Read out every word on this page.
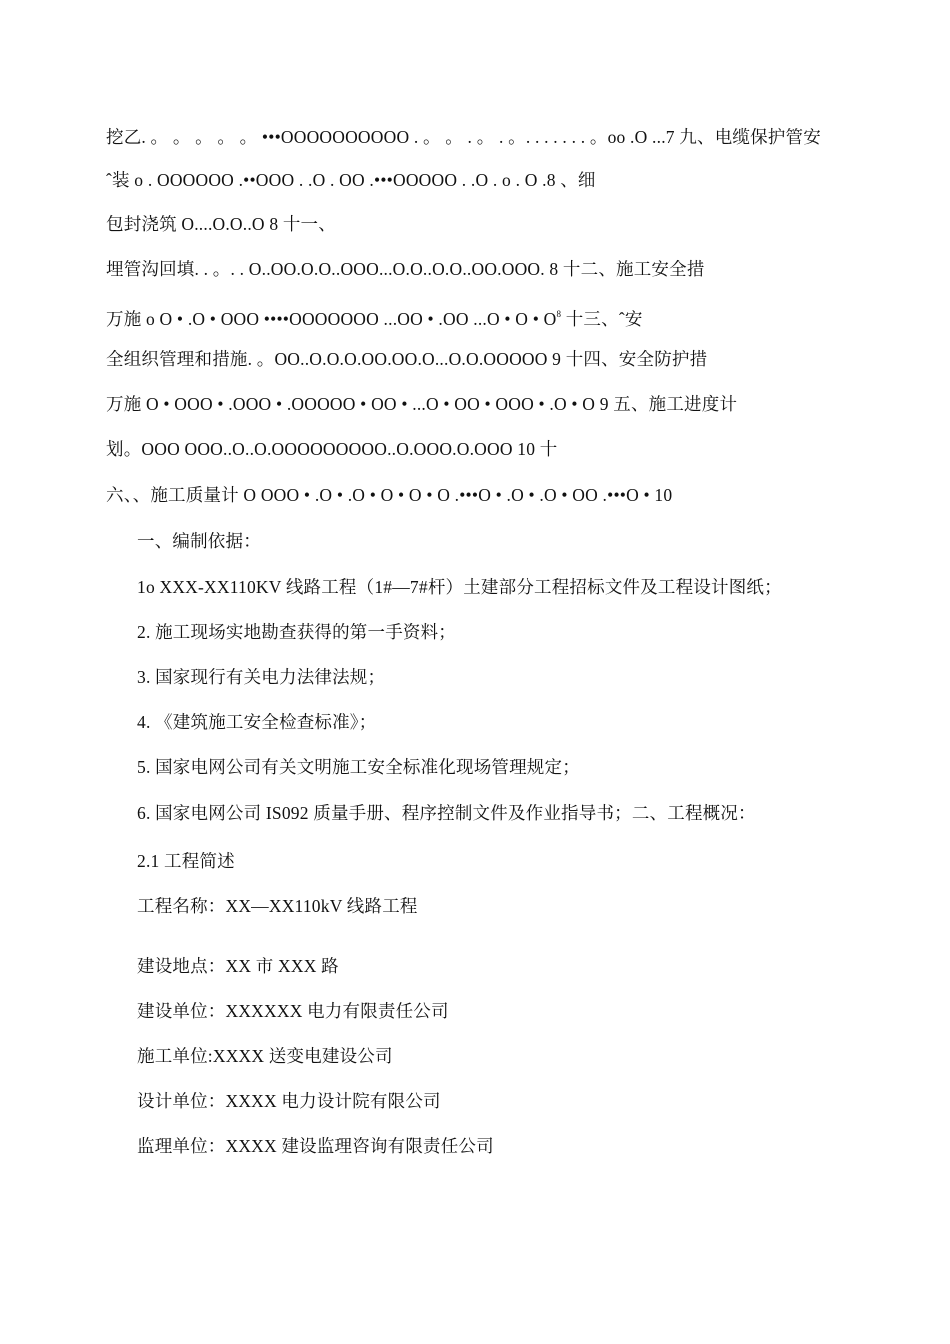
挖乙. 。 。 。 。 。 •••OOOOOOOOOO . 。 。 . 。 . 。. . . . . . . 。oo .O ...7 九、电缆保护管安
ˆ装 o . OOOOOO .••OOO . .O . OO .•••OOOOO . .O . o . O .8 、细
包封浇筑 O....O.O..O 8 十一、
埋管沟回填. . 。. . O..OO.O.O..OOO...O.O..O.O..OO.OOO. 8 十二、施工安全措
万施 o O • .O • OOO ••••OOOOOOO ...OO • .OO ...O • O • $O^8$ 十三、ˆ安
全组织管理和措施. 。OO..O.O.O.OO.OO.O...O.O.OOOOO 9 十四、安全防护措
万施 O • OOO • .OOO • .OOOOO • OO • ...O • OO • OOO • .O • O 9 五、施工进度计
划。OOO OOO..O..O.OOOOOOOOO..O.OOO.O.OOO 10 十
六、、施工质量计 O OOO • .O • .O • O • O • O .•••O • .O • .O • OO .•••O • 10
一、编制依据：
1o XXX-XX110KV 线路工程（1#—7#杆）土建部分工程招标文件及工程设计图纸；
2. 施工现场实地勘查获得的第一手资料；
3. 国家现行有关电力法律法规；
4. 《建筑施工安全检查标准》；
5. 国家电网公司有关文明施工安全标准化现场管理规定；
6. 国家电网公司 IS092 质量手册、程序控制文件及作业指导书；二、工程概况：
2.1 工程简述
工程名称：XX—XX110kV 线路工程
建设地点：XX 市 XXX 路
建设单位：XXXXXX 电力有限责任公司
施工单位:XXXX 送变电建设公司
设计单位：XXXX 电力设计院有限公司
监理单位：XXXX 建设监理咨询有限责任公司
